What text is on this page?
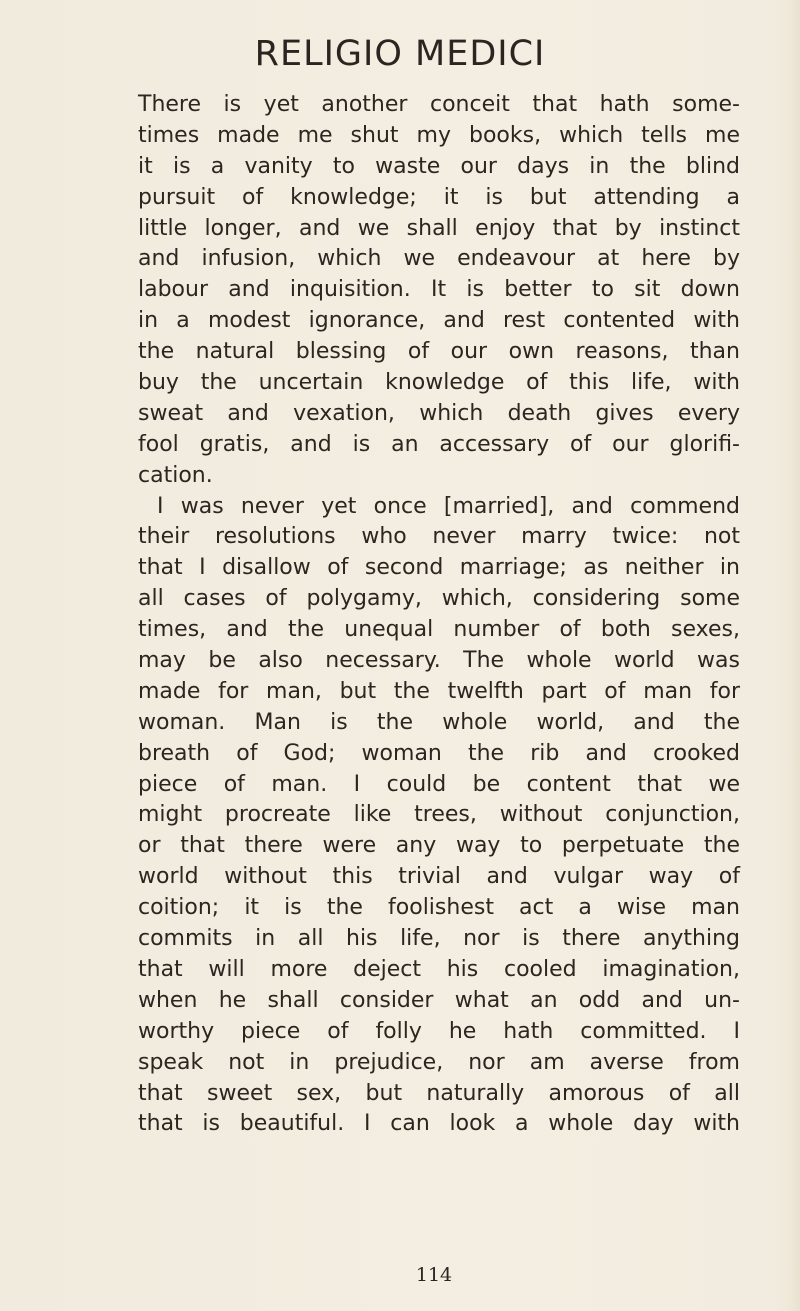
RELIGIO MEDICI
There is yet another conceit that hath some-
times made me shut my books, which tells me
it is a vanity to waste our days in the blind
pursuit of knowledge; it is but attending a
little longer, and we shall enjoy that by instinct
and infusion, which we endeavour at here by
labour and inquisition. It is better to sit down
in a modest ignorance, and rest contented with
the natural blessing of our own reasons, than
buy the uncertain knowledge of this life, with
sweat and vexation, which death gives every
fool gratis, and is an accessary of our glorifi-
cation.
I was never yet once [married], and commend
their resolutions who never marry twice: not
that I disallow of second marriage; as neither in
all cases of polygamy, which, considering some
times, and the unequal number of both sexes,
may be also necessary. The whole world was
made for man, but the twelfth part of man for
woman. Man is the whole world, and the
breath of God; woman the rib and crooked
piece of man. I could be content that we
might procreate like trees, without conjunction,
or that there were any way to perpetuate the
world without this trivial and vulgar way of
coition; it is the foolishest act a wise man
commits in all his life, nor is there anything
that will more deject his cooled imagination,
when he shall consider what an odd and un-
worthy piece of folly he hath committed. I
speak not in prejudice, nor am averse from
that sweet sex, but naturally amorous of all
that is beautiful. I can look a whole day with
114
